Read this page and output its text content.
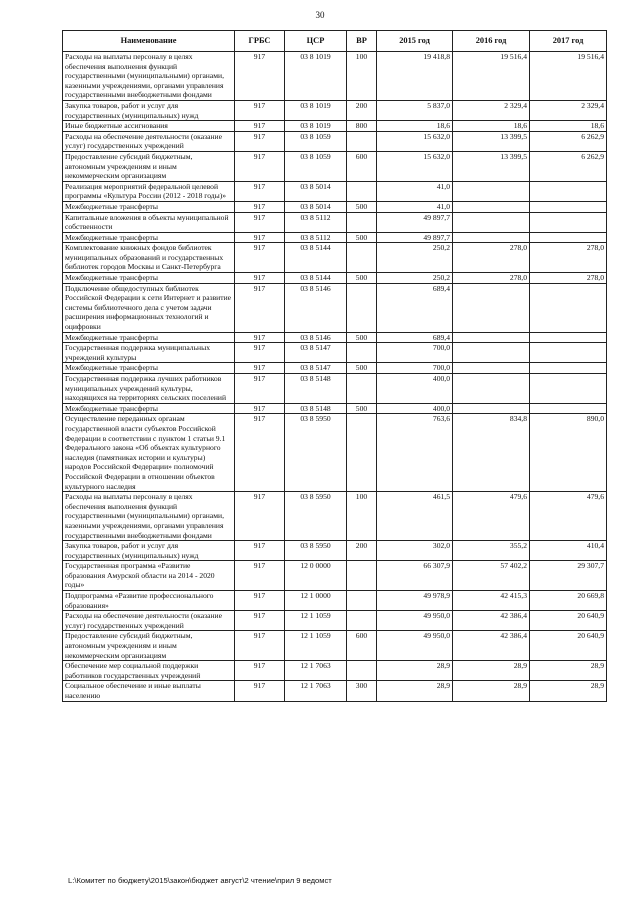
30
Наименование	ГРБС	ЦСР	ВР	2015 год	2016 год	2017 год
Расходы на выплаты персоналу в целях обеспечения выполнения функций государственными (муниципальными) органами, казенными учреждениями, органами управления государственными внебюджетными фондами	917	03 8 1019	100	19 418,8	19 516,4	19 516,4
Закупка товаров, работ и услуг для государственных (муниципальных) нужд	917	03 8 1019	200	5 837,0	2 329,4	2 329,4
Иные бюджетные ассигнования	917	03 8 1019	800	18,6	18,6	18,6
Расходы на обеспечение деятельности (оказание услуг) государственных учреждений	917	03 8 1059		15 632,0	13 399,5	6 262,9
Предоставление субсидий бюджетным, автономным учреждениям и иным некоммерческим организациям	917	03 8 1059	600	15 632,0	13 399,5	6 262,9
Реализация мероприятий федеральной целевой программы «Культура России (2012 - 2018 годы)»	917	03 8 5014		41,0		
Межбюджетные трансферты	917	03 8 5014	500	41,0		
Капитальные вложения в объекты муниципальной собственности	917	03 8 5112		49 897,7		
Межбюджетные трансферты	917	03 8 5112	500	49 897,7		
Комплектование книжных фондов библиотек муниципальных образований и государственных библиотек городов Москвы и Санкт-Петербурга	917	03 8 5144		250,2	278,0	278,0
Межбюджетные трансферты	917	03 8 5144	500	250,2	278,0	278,0
Подключение общедоступных библиотек Российской Федерации к сети Интернет и развитие системы библиотечного дела с учетом задачи расширения информационных технологий и оцифровки	917	03 8 5146		689,4		
Межбюджетные трансферты	917	03 8 5146	500	689,4		
Государственная поддержка муниципальных учреждений культуры	917	03 8 5147		700,0		
Межбюджетные трансферты	917	03 8 5147	500	700,0		
Государственная поддержка лучших работников муниципальных учреждений культуры, находящихся на территориях сельских поселений	917	03 8 5148		400,0		
Межбюджетные трансферты	917	03 8 5148	500	400,0		
Осуществление переданных органам государственной власти субъектов Российской Федерации в соответствии с пунктом 1 статьи 9.1 Федерального закона «Об объектах культурного наследия (памятниках истории и культуры) народов Российской Федерации» полномочий Российской Федерации в отношении объектов культурного наследия	917	03 8 5950		763,6	834,8	890,0
Расходы на выплаты персоналу в целях обеспечения выполнения функций государственными (муниципальными) органами, казенными учреждениями, органами управления государственными внебюджетными фондами	917	03 8 5950	100	461,5	479,6	479,6
Закупка товаров, работ и услуг для государственных (муниципальных) нужд	917	03 8 5950	200	302,0	355,2	410,4
Государственная программа «Развитие образования Амурской области на 2014 - 2020 годы»	917	12 0 0000		66 307,9	57 402,2	29 307,7
Подпрограмма «Развитие профессионального образования»	917	12 1 0000		49 978,9	42 415,3	20 669,8
Расходы на обеспечение деятельности (оказание услуг) государственных учреждений	917	12 1 1059		49 950,0	42 386,4	20 640,9
Предоставление субсидий бюджетным, автономным учреждениям и иным некоммерческим организациям	917	12 1 1059	600	49 950,0	42 386,4	20 640,9
Обеспечение мер социальной поддержки работников государственных учреждений	917	12 1 7063		28,9	28,9	28,9
Социальное обеспечение и иные выплаты населению	917	12 1 7063	300	28,9	28,9	28,9
L:\Комитет по бюджету\2015\закон\бюджет август\2 чтение\прил 9 ведомст
